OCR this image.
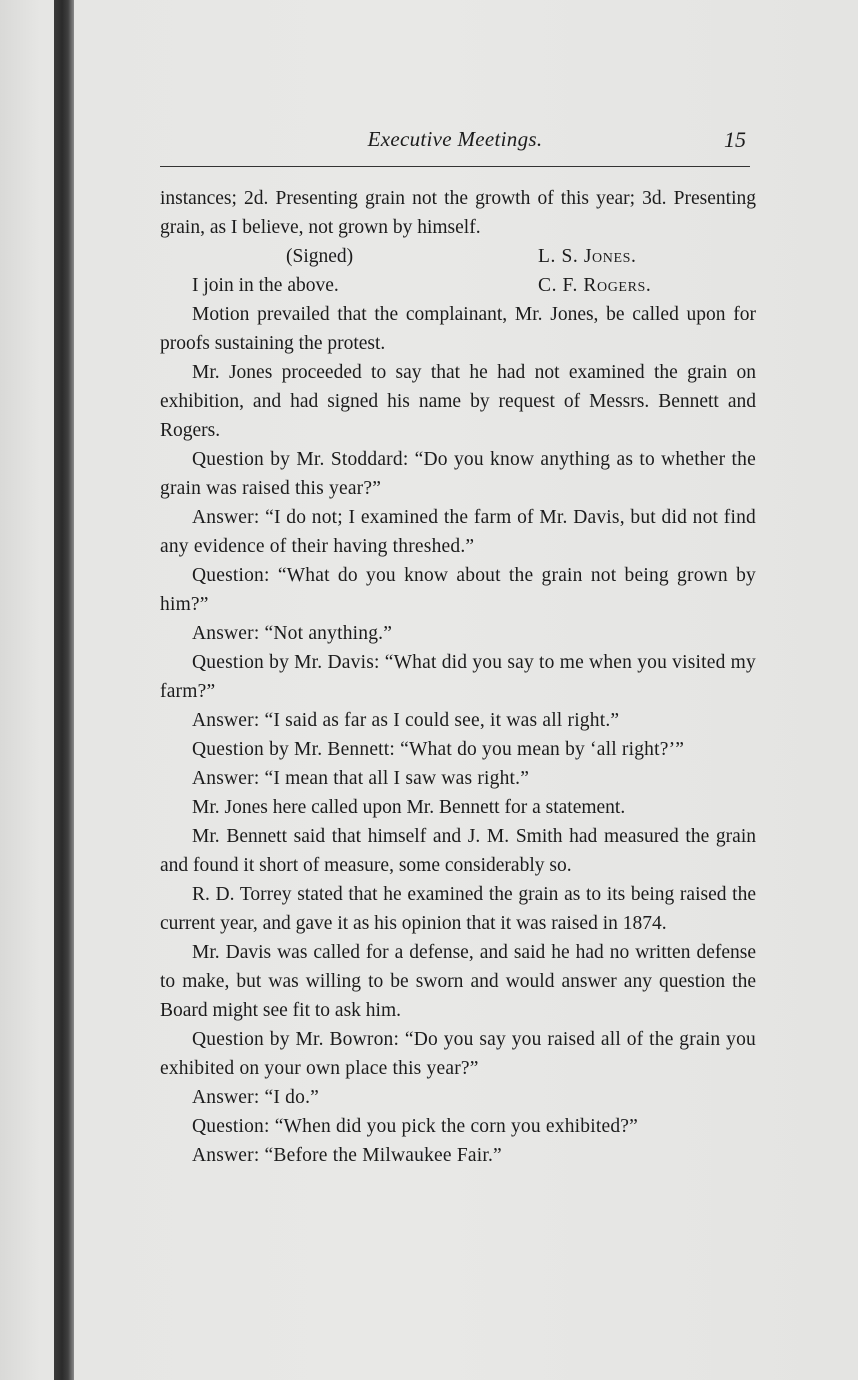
Executive Meetings.	15

instances; 2d. Presenting grain not the growth of this year; 3d. Presenting grain, as I believe, not grown by himself.

(Signed)	L. S. Jones.
I join in the above.	C. F. Rogers.

Motion prevailed that the complainant, Mr. Jones, be called upon for proofs sustaining the protest.

Mr. Jones proceeded to say that he had not examined the grain on exhibition, and had signed his name by request of Messrs. Bennett and Rogers.

Question by Mr. Stoddard: “Do you know anything as to whether the grain was raised this year?”

Answer: “I do not; I examined the farm of Mr. Davis, but did not find any evidence of their having threshed.”

Question: “What do you know about the grain not being grown by him?”

Answer: “Not anything.”

Question by Mr. Davis: “What did you say to me when you visited my farm?”

Answer: “I said as far as I could see, it was all right.”

Question by Mr. Bennett: “What do you mean by ‘all right?’”

Answer: “I mean that all I saw was right.”

Mr. Jones here called upon Mr. Bennett for a statement.

Mr. Bennett said that himself and J. M. Smith had measured the grain and found it short of measure, some considerably so.

R. D. Torrey stated that he examined the grain as to its being raised the current year, and gave it as his opinion that it was raised in 1874.

Mr. Davis was called for a defense, and said he had no written defense to make, but was willing to be sworn and would answer any question the Board might see fit to ask him.

Question by Mr. Bowron: “Do you say you raised all of the grain you exhibited on your own place this year?”

Answer: “I do.”

Question: “When did you pick the corn you exhibited?”

Answer: “Before the Milwaukee Fair.”
